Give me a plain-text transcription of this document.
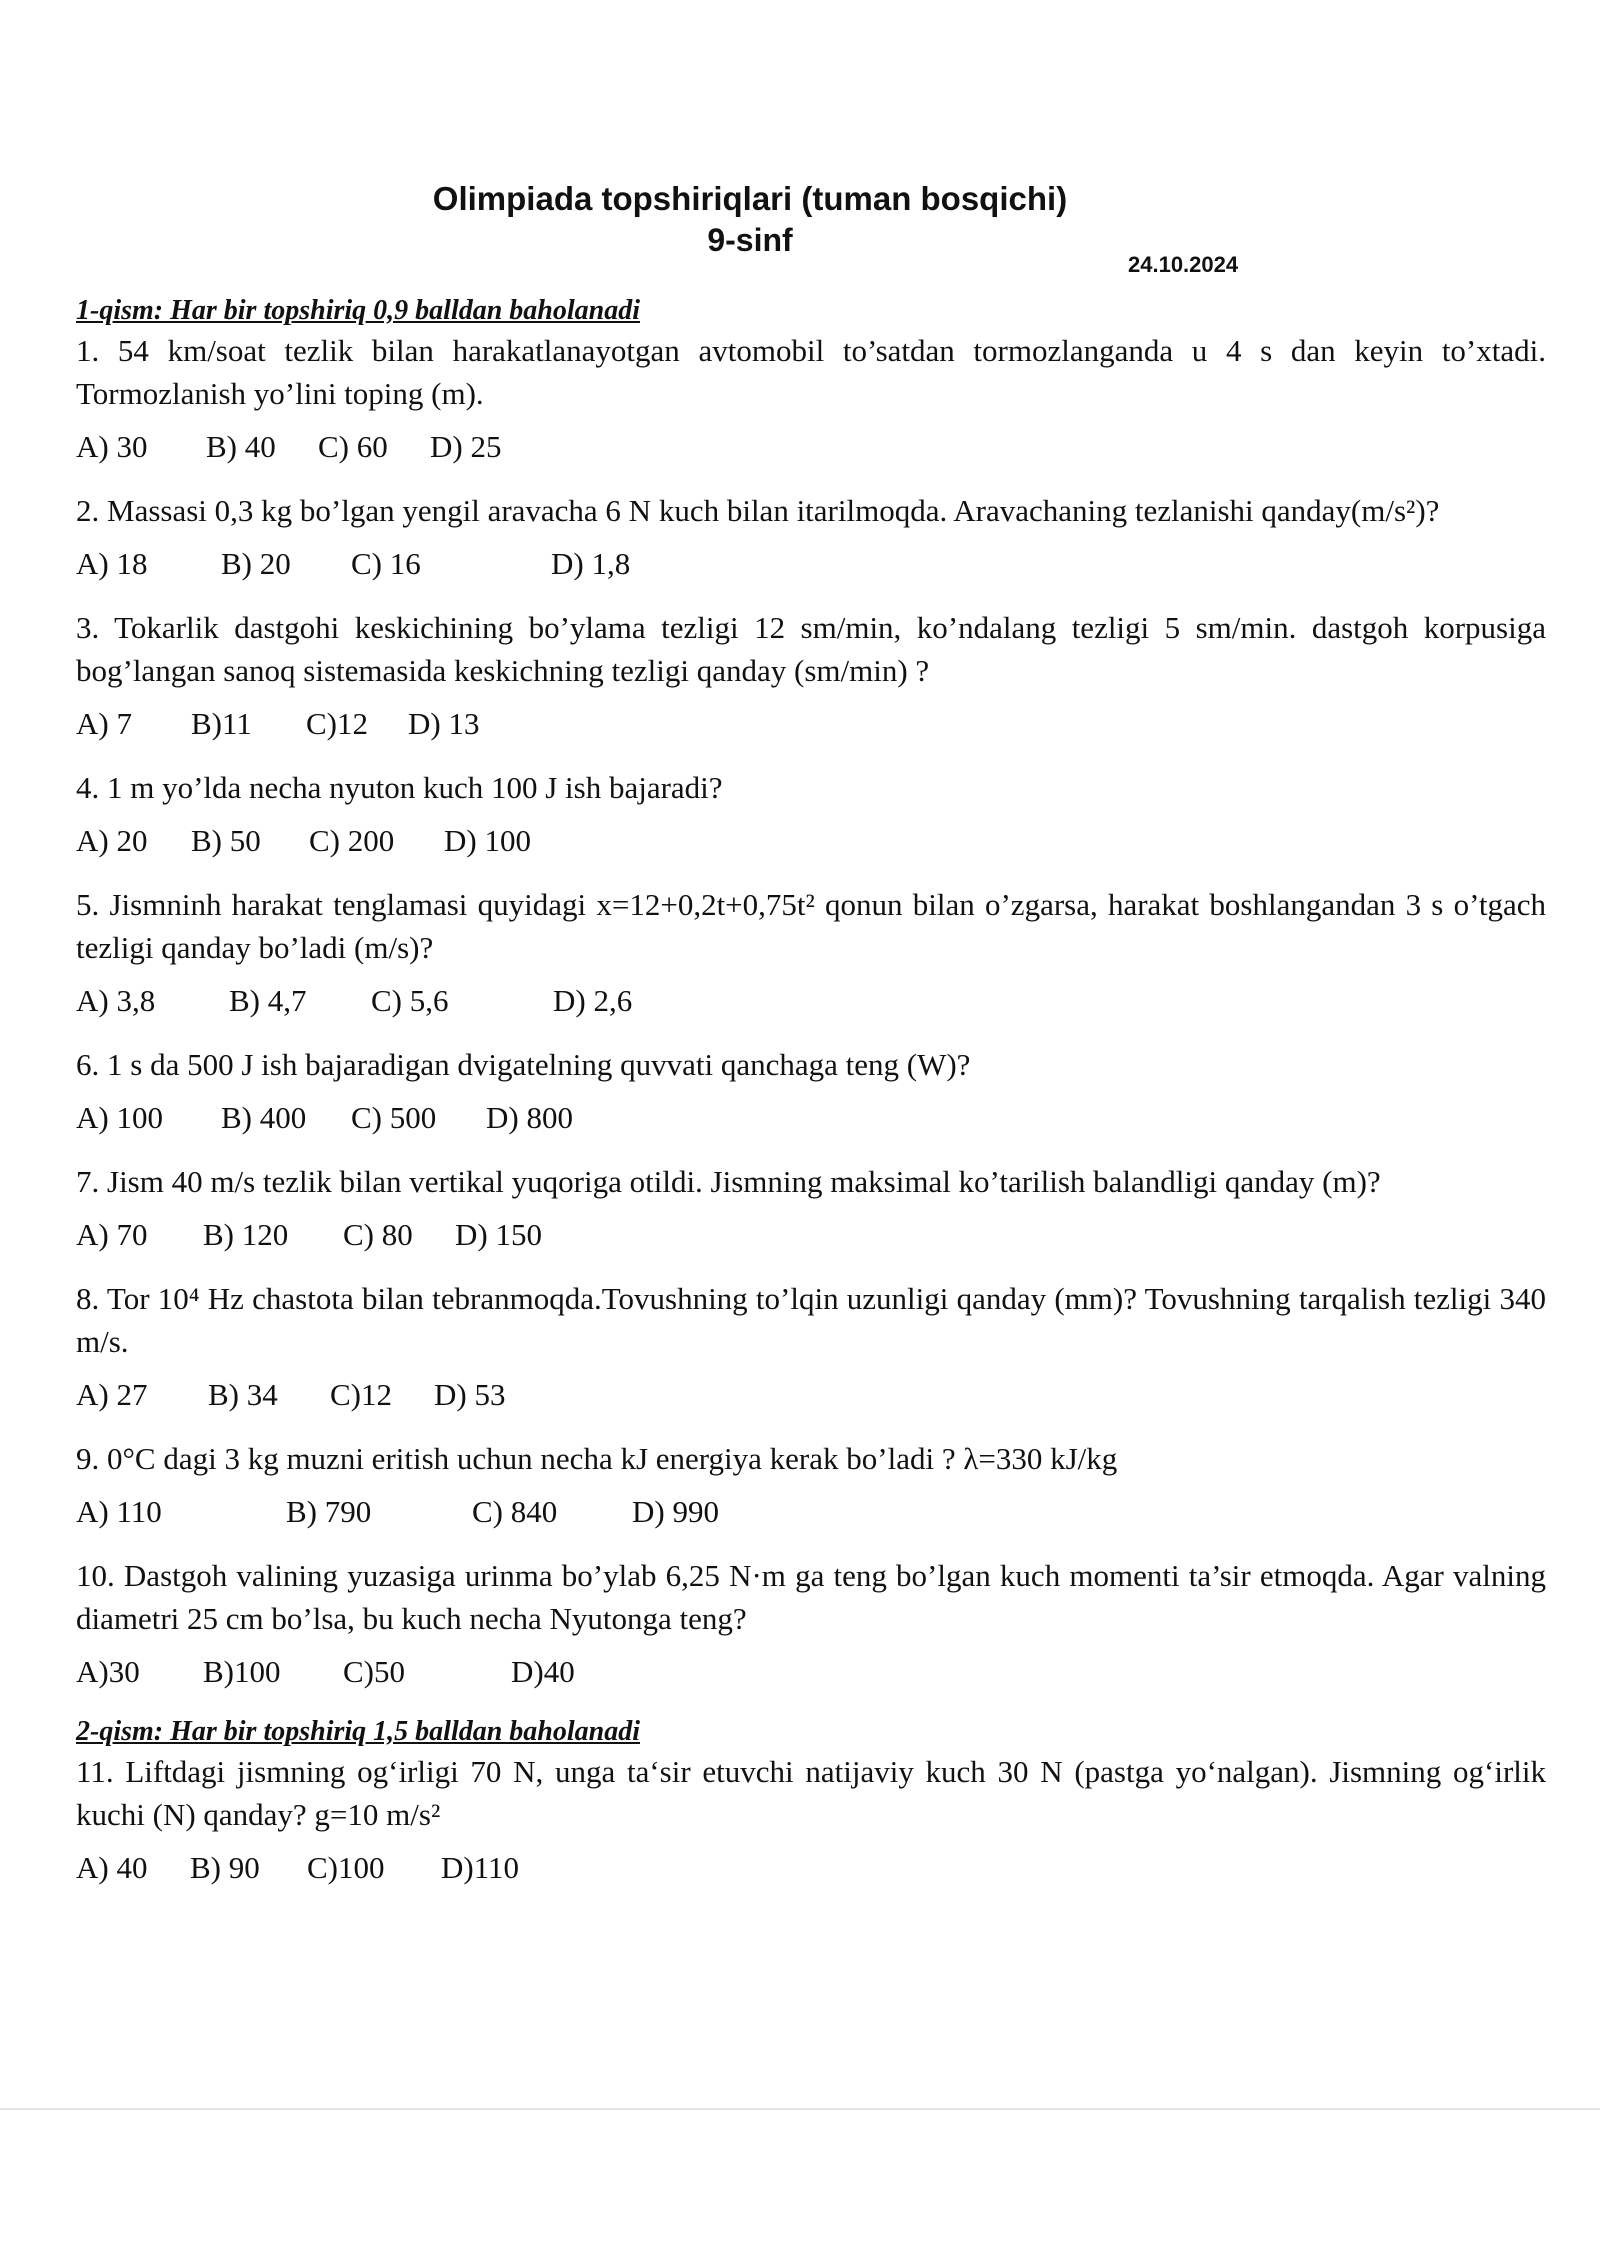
Olimpiada topshiriqlari (tuman bosqichi)
9-sinf
24.10.2024

1-qism: Har bir topshiriq 0,9 balldan baholanadi

1. 54 km/soat tezlik bilan harakatlanayotgan avtomobil to’satdan tormozlanganda u 4 s dan keyin to’xtadi. Tormozlanish yo’lini toping (m).

A) 30 B) 40 C) 60 D) 25

2. Massasi 0,3 kg bo’lgan yengil aravacha 6 N kuch bilan itarilmoqda. Aravachaning tezlanishi qanday(m/s²)?

A) 18 B) 20 C) 16	D) 1,8

3. Tokarlik dastgohi keskichining bo’ylama tezligi 12 sm/min, ko’ndalang tezligi 5 sm/min. dastgoh korpusiga bog’langan sanoq sistemasida keskichning tezligi qanday (sm/min) ?

A) 7 B)11 C)12 D) 13

4. 1 m yo’lda necha nyuton kuch 100 J ish bajaradi?

A) 20 B) 50 C) 200 D) 100

5. Jismninh harakat tenglamasi quyidagi x=12+0,2t+0,75t² qonun bilan o’zgarsa, harakat boshlangandan 3 s o’tgach tezligi qanday bo’ladi (m/s)?

A) 3,8 B) 4,7 C) 5,6	D) 2,6

6. 1 s da 500 J ish bajaradigan dvigatelning quvvati qanchaga teng (W)?

A) 100 B) 400 C) 500 D) 800

7. Jism 40 m/s tezlik bilan vertikal yuqoriga otildi. Jismning maksimal ko’tarilish balandligi qanday (m)?

A) 70 B) 120 C) 80 D) 150

8. Tor 10⁴ Hz chastota bilan tebranmoqda.Tovushning to’lqin uzunligi qanday (mm)? Tovushning tarqalish tezligi 340 m/s.

A) 27 B) 34 C)12 D) 53

9. 0°C dagi 3 kg muzni eritish uchun necha kJ energiya kerak bo’ladi ? λ=330 kJ/kg

A) 110	B) 790	C) 840 D) 990

10. Dastgoh valining yuzasiga urinma bo’ylab 6,25 N·m ga teng bo’lgan kuch momenti ta’sir etmoqda. Agar valning diametri 25 cm bo’lsa, bu kuch necha Nyutonga teng?

A)30 B)100 C)50	D)40

2-qism: Har bir topshiriq 1,5 balldan baholanadi

11. Liftdagi jismning og‘irligi 70 N, unga ta‘sir etuvchi natijaviy kuch 30 N (pastga yo‘nalgan). Jismning og‘irlik kuchi (N) qanday? g=10 m/s²

A) 40 B) 90 C)100 D)110
